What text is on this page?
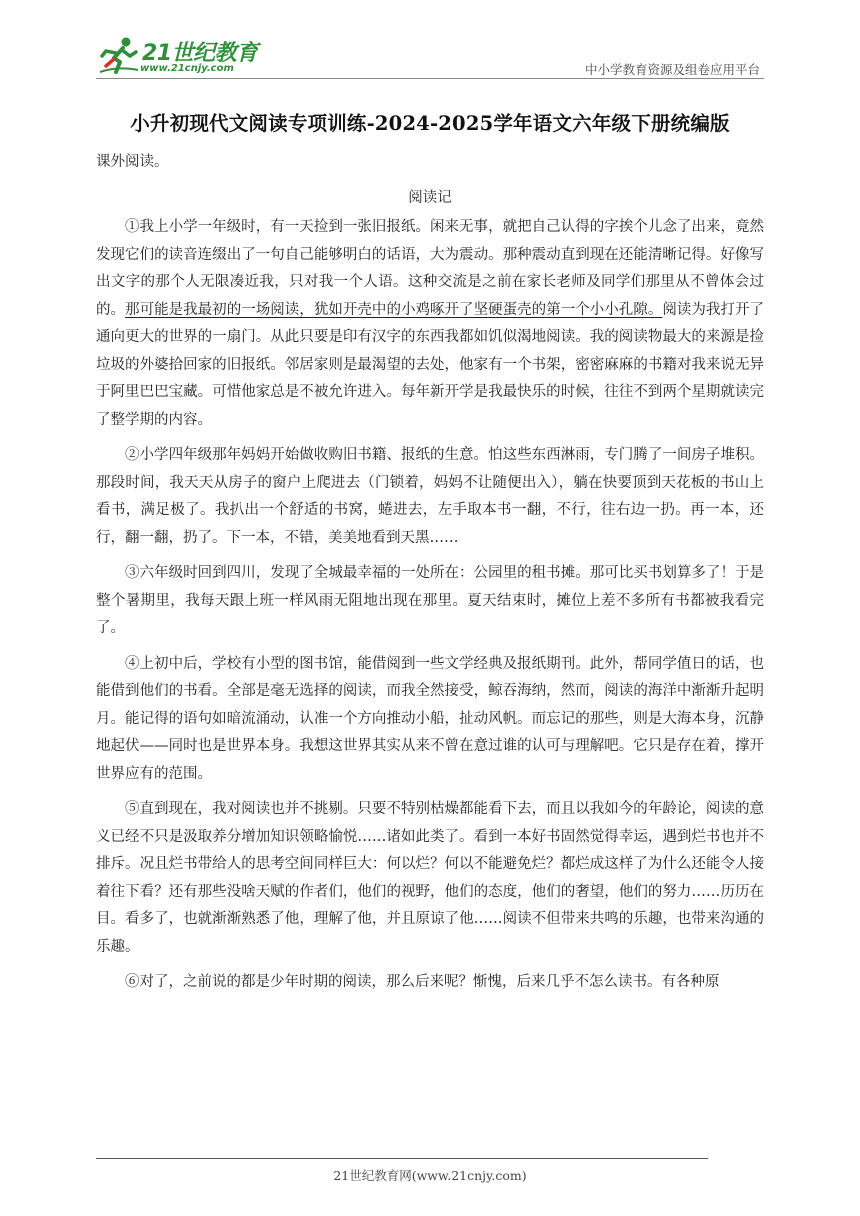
21世纪教育
www.21cnjy.com	中小学教育资源及组卷应用平台
小升初现代文阅读专项训练-2024-2025学年语文六年级下册统编版
课外阅读。
阅读记

①我上小学一年级时，有一天捡到一张旧报纸。闲来无事，就把自己认得的字挨个儿念了出来，竟然发现它们的读音连缀出了一句自己能够明白的话语，大为震动。那种震动直到现在还能清晰记得。好像写出文字的那个人无限凑近我，只对我一个人语。这种交流是之前在家长老师及同学们那里从不曾体会过的。那可能是我最初的一场阅读，犹如开壳中的小鸡啄开了坚硬蛋壳的第一个小小孔隙。阅读为我打开了通向更大的世界的一扇门。从此只要是印有汉字的东西我都如饥似渴地阅读。我的阅读物最大的来源是捡垃圾的外婆拾回家的旧报纸。邻居家则是最渴望的去处，他家有一个书架，密密麻麻的书籍对我来说无异于阿里巴巴宝藏。可惜他家总是不被允许进入。每年新开学是我最快乐的时候，往往不到两个星期就读完了整学期的内容。

②小学四年级那年妈妈开始做收购旧书籍、报纸的生意。怕这些东西淋雨，专门腾了一间房子堆积。那段时间，我天天从房子的窗户上爬进去（门锁着，妈妈不让随便出入），躺在快要顶到天花板的书山上看书，满足极了。我扒出一个舒适的书窝，蜷进去，左手取本书一翻，不行，往右边一扔。再一本，还行，翻一翻，扔了。下一本，不错，美美地看到天黑……

③六年级时回到四川，发现了全城最幸福的一处所在：公园里的租书摊。那可比买书划算多了！于是整个暑期里，我每天跟上班一样风雨无阻地出现在那里。夏天结束时，摊位上差不多所有书都被我看完了。

④上初中后，学校有小型的图书馆，能借阅到一些文学经典及报纸期刊。此外，帮同学值日的话，也能借到他们的书看。全部是毫无选择的阅读，而我全然接受，鲸吞海纳，然而，阅读的海洋中渐渐升起明月。能记得的语句如暗流涌动，认准一个方向推动小船，扯动风帆。而忘记的那些，则是大海本身，沉静地起伏——同时也是世界本身。我想这世界其实从来不曾在意过谁的认可与理解吧。它只是存在着，撑开世界应有的范围。

⑤直到现在，我对阅读也并不挑剔。只要不特别枯燥都能看下去，而且以我如今的年龄论，阅读的意义已经不只是汲取养分增加知识领略愉悦……诸如此类了。看到一本好书固然觉得幸运，遇到烂书也并不排斥。况且烂书带给人的思考空间同样巨大：何以烂？何以不能避免烂？都烂成这样了为什么还能令人接着往下看？还有那些没啥天赋的作者们，他们的视野，他们的态度，他们的奢望，他们的努力……历历在目。看多了，也就渐渐熟悉了他，理解了他，并且原谅了他……阅读不但带来共鸣的乐趣，也带来沟通的乐趣。

⑥对了，之前说的都是少年时期的阅读，那么后来呢？惭愧，后来几乎不怎么读书。有各种原

21世纪教育网(www.21cnjy.com)
